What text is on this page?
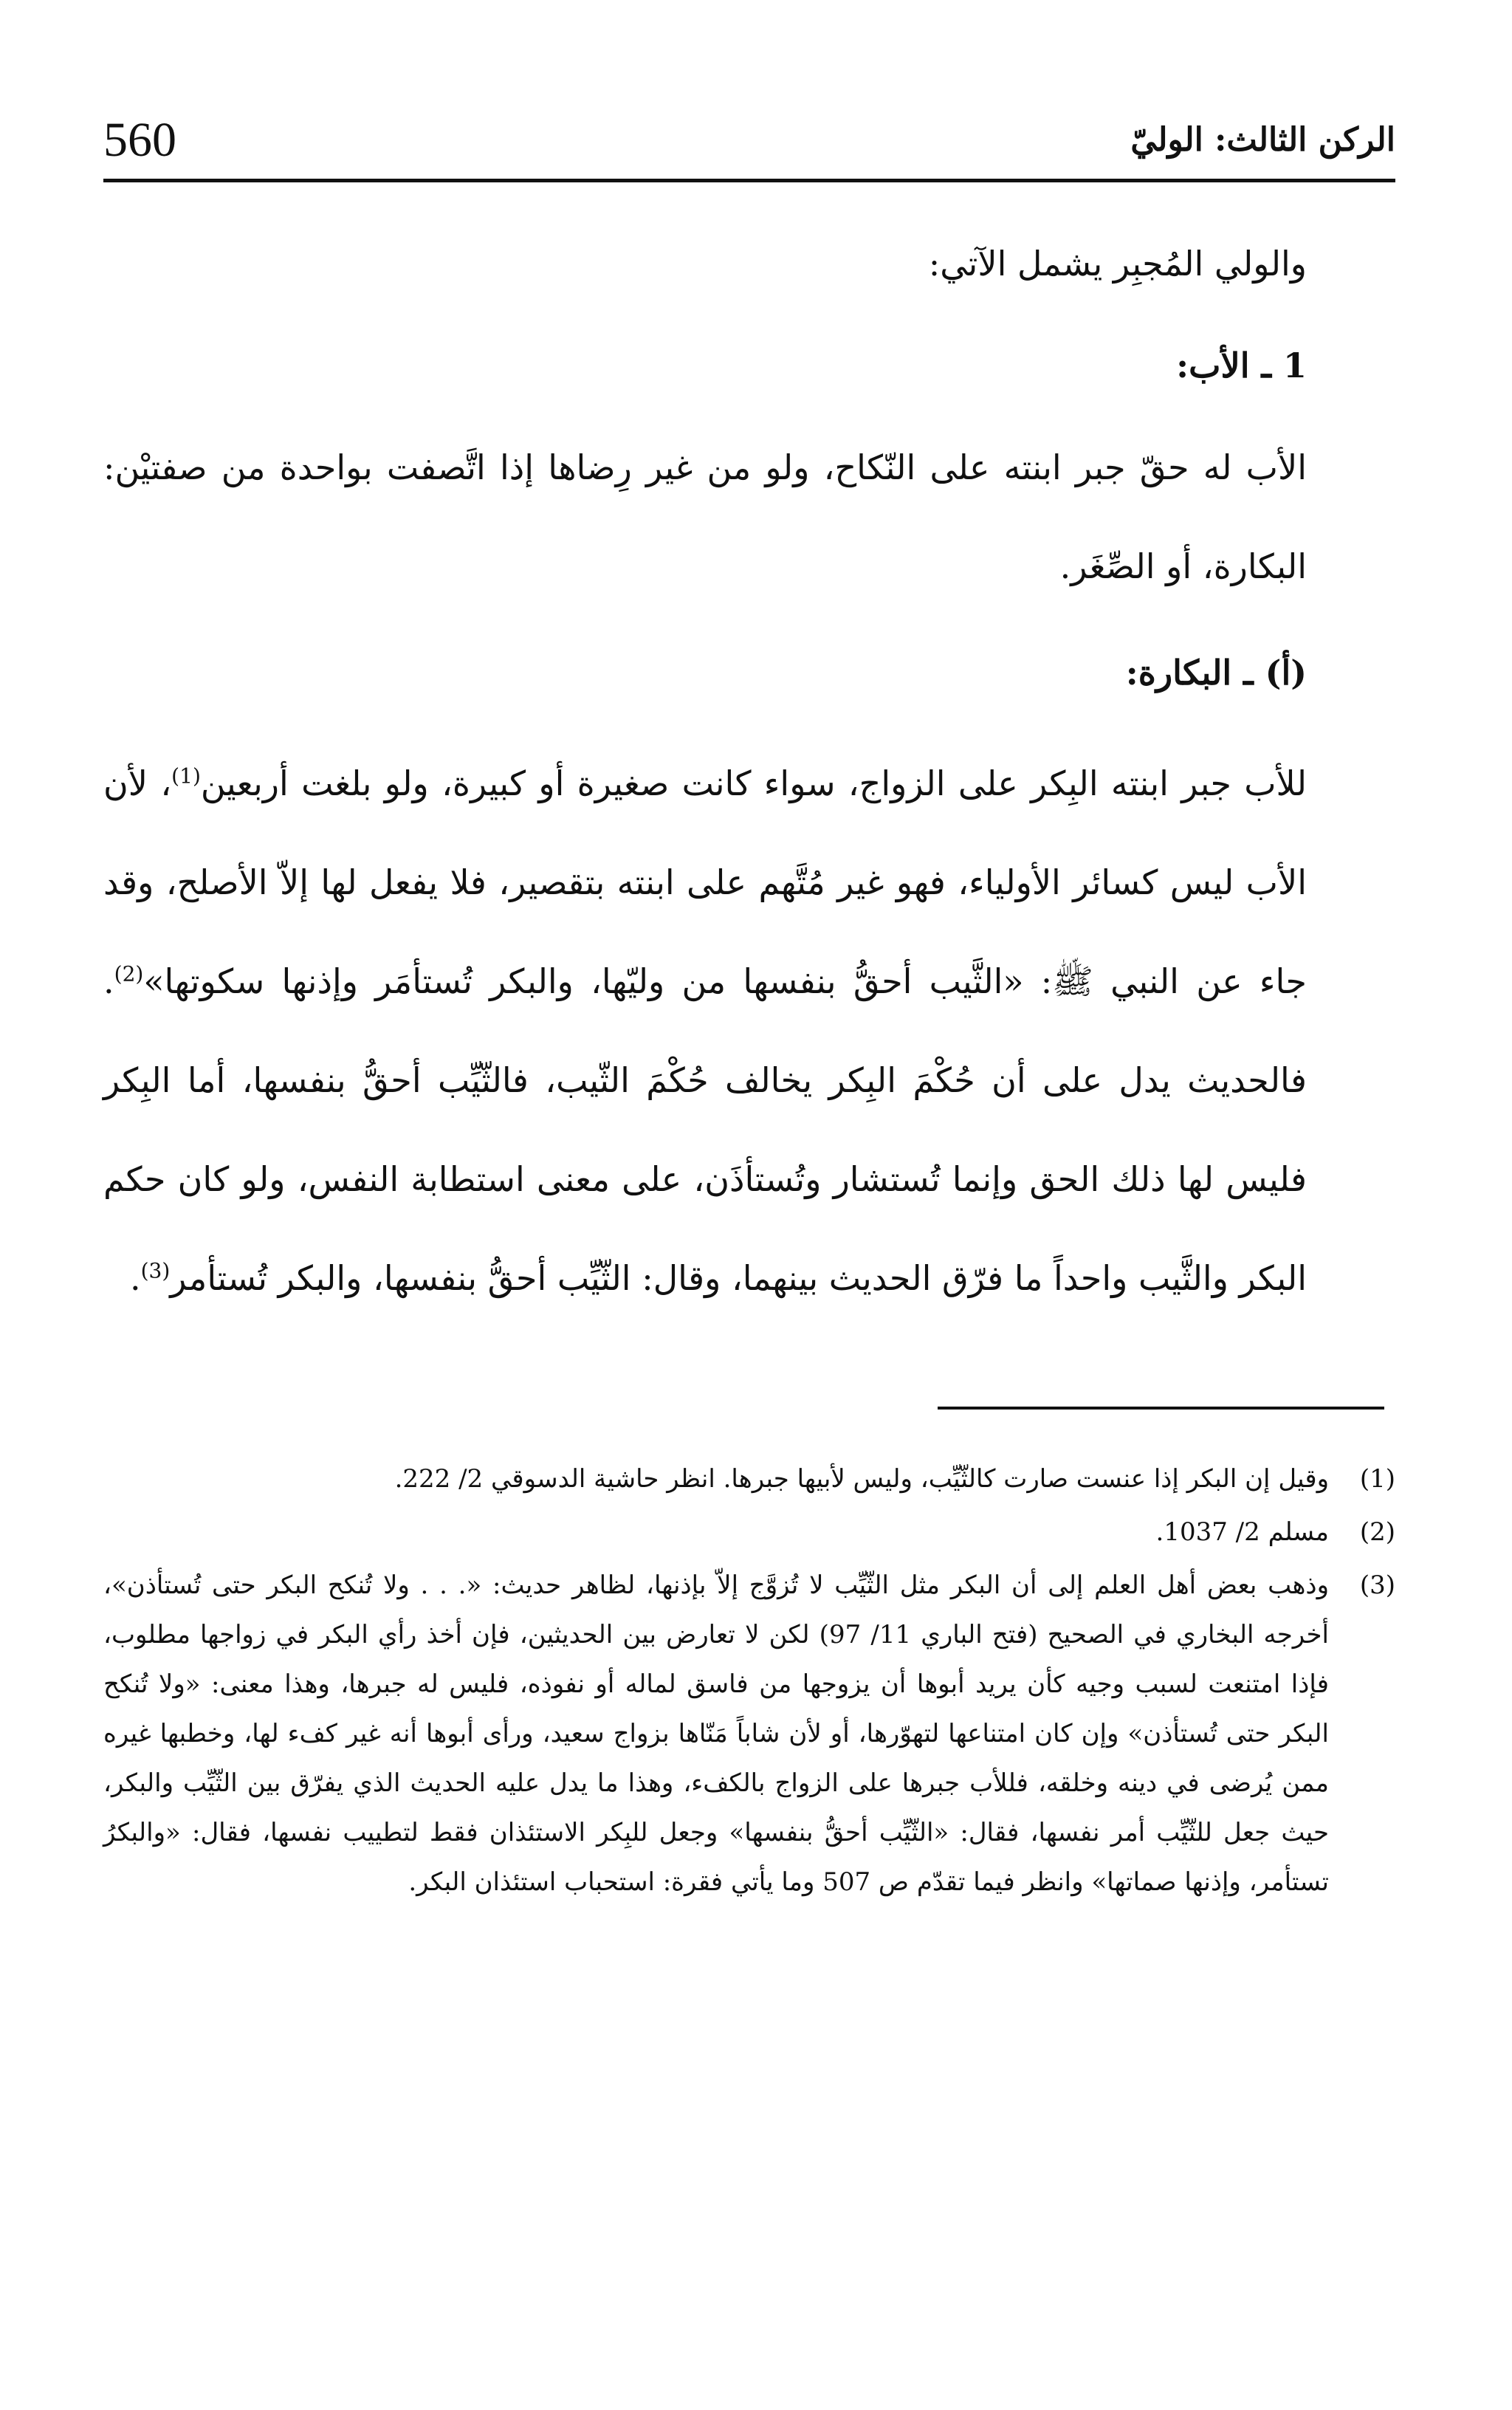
560	الركن الثالث: الوليّ

والولي المُجبِر يشمل الآتي:

1 ـ الأب:

الأب له حقّ جبر ابنته على النّكاح، ولو من غير رِضاها إذا اتَّصفت بواحدة من صفتيْن: البكارة، أو الصِّغَر.

(أ) ـ البكارة:

للأب جبر ابنته البِكر على الزواج، سواء كانت صغيرة أو كبيرة، ولو بلغت أربعين$^{(1)}$، لأن الأب ليس كسائر الأولياء، فهو غير مُتَّهم على ابنته بتقصير، فلا يفعل لها إلاّ الأصلح، وقد جاء عن النبي ﷺ: «الثَّيب أحقُّ بنفسها من وليّها، والبكر تُستأمَر وإذنها سكوتها»$^{(2)}$. فالحديث يدل على أن حُكْمَ البِكر يخالف حُكْمَ الثّيب، فالثّيِّب أحقُّ بنفسها، أما البِكر فليس لها ذلك الحق وإنما تُستشار وتُستأذَن، على معنى استطابة النفس، ولو كان حكم البكر والثَّيب واحداً ما فرّق الحديث بينهما، وقال: الثّيِّب أحقُّ بنفسها، والبكر تُستأمر$^{(3)}$.

(1)
وقيل إن البكر إذا عنست صارت كالثّيِّب، وليس لأبيها جبرها. انظر حاشية الدسوقي 2/ 222.
(2)
مسلم 2/ 1037.
(3)
وذهب بعض أهل العلم إلى أن البكر مثل الثّيِّب لا تُزوَّج إلاّ بإذنها، لظاهر حديث: «. . . ولا تُنكح البكر حتى تُستأذن»، أخرجه البخاري في الصحيح (فتح الباري 11/ 97) لكن لا تعارض بين الحديثين، فإن أخذ رأي البكر في زواجها مطلوب، فإذا امتنعت لسبب وجيه كأن يريد أبوها أن يزوجها من فاسق لماله أو نفوذه، فليس له جبرها، وهذا معنى: «ولا تُنكح البكر حتى تُستأذن» وإن كان امتناعها لتهوّرها، أو لأن شاباً مَنّاها بزواج سعيد، ورأى أبوها أنه غير كفء لها، وخطبها غيره ممن يُرضى في دينه وخلقه، فللأب جبرها على الزواج بالكفء، وهذا ما يدل عليه الحديث الذي يفرّق بين الثّيِّب والبكر، حيث جعل للثّيِّب أمر نفسها، فقال: «الثّيِّب أحقُّ بنفسها» وجعل للبِكر الاستئذان فقط لتطييب نفسها، فقال: «والبكرُ تستأمر، وإذنها صماتها» وانظر فيما تقدّم ص 507 وما يأتي فقرة: استحباب استئذان البكر.
